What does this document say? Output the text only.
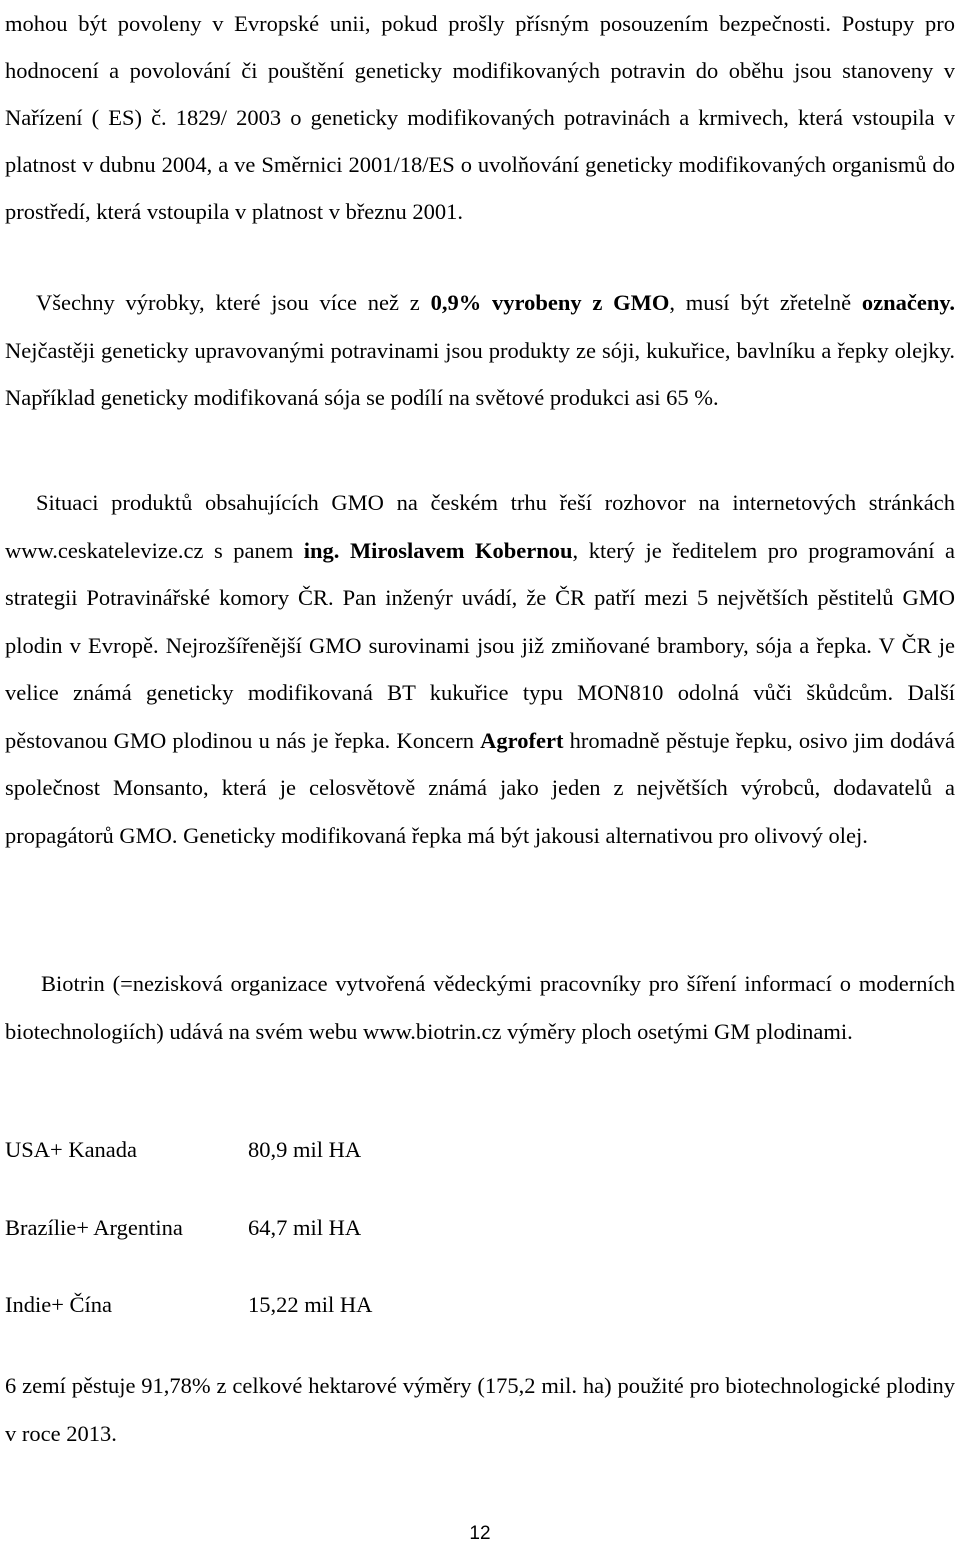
mohou být povoleny v Evropské unii, pokud prošly přísným posouzením bezpečnosti. Postupy pro hodnocení a povolování či pouštění geneticky modifikovaných potravin do oběhu jsou stanoveny v Nařízení ( ES) č. 1829/ 2003 o geneticky modifikovaných potravinách a krmivech, která vstoupila v platnost v dubnu 2004, a ve Směrnici 2001/18/ES o uvolňování geneticky modifikovaných organismů do prostředí, která vstoupila v platnost v březnu 2001.

Všechny výrobky, které jsou více než z 0,9% vyrobeny z GMO, musí být zřetelně označeny. Nejčastěji geneticky upravovanými potravinami jsou produkty ze sóji, kukuřice, bavlníku a řepky olejky. Například geneticky modifikovaná sója se podílí na světové produkci asi 65 %.

Situaci produktů obsahujících GMO na českém trhu řeší rozhovor na internetových stránkách www.ceskatelevize.cz s panem ing. Miroslavem Kobernou, který je ředitelem pro programování a strategii Potravinářské komory ČR. Pan inženýr uvádí, že ČR patří mezi 5 největších pěstitelů GMO plodin v Evropě. Nejrozšířenější GMO surovinami jsou již zmiňované brambory, sója a řepka. V ČR je velice známá geneticky modifikovaná BT kukuřice typu MON810 odolná vůči škůdcům. Další pěstovanou GMO plodinou u nás je řepka. Koncern Agrofert hromadně pěstuje řepku, osivo jim dodává společnost Monsanto, která je celosvětově známá jako jeden z největších výrobců, dodavatelů a propagátorů GMO. Geneticky modifikovaná řepka má být jakousi alternativou pro olivový olej.

Biotrin (=nezisková organizace vytvořená vědeckými pracovníky pro šíření informací o moderních biotechnologiích) udává na svém webu www.biotrin.cz výměry ploch osetými GM plodinami.

USA+ Kanada	80,9 mil HA
Brazílie+ Argentina	64,7 mil HA
Indie+ Čína	15,22 mil HA

6 zemí pěstuje 91,78% z celkové hektarové výměry (175,2 mil. ha) použité pro biotechnologické plodiny v roce 2013.

12
